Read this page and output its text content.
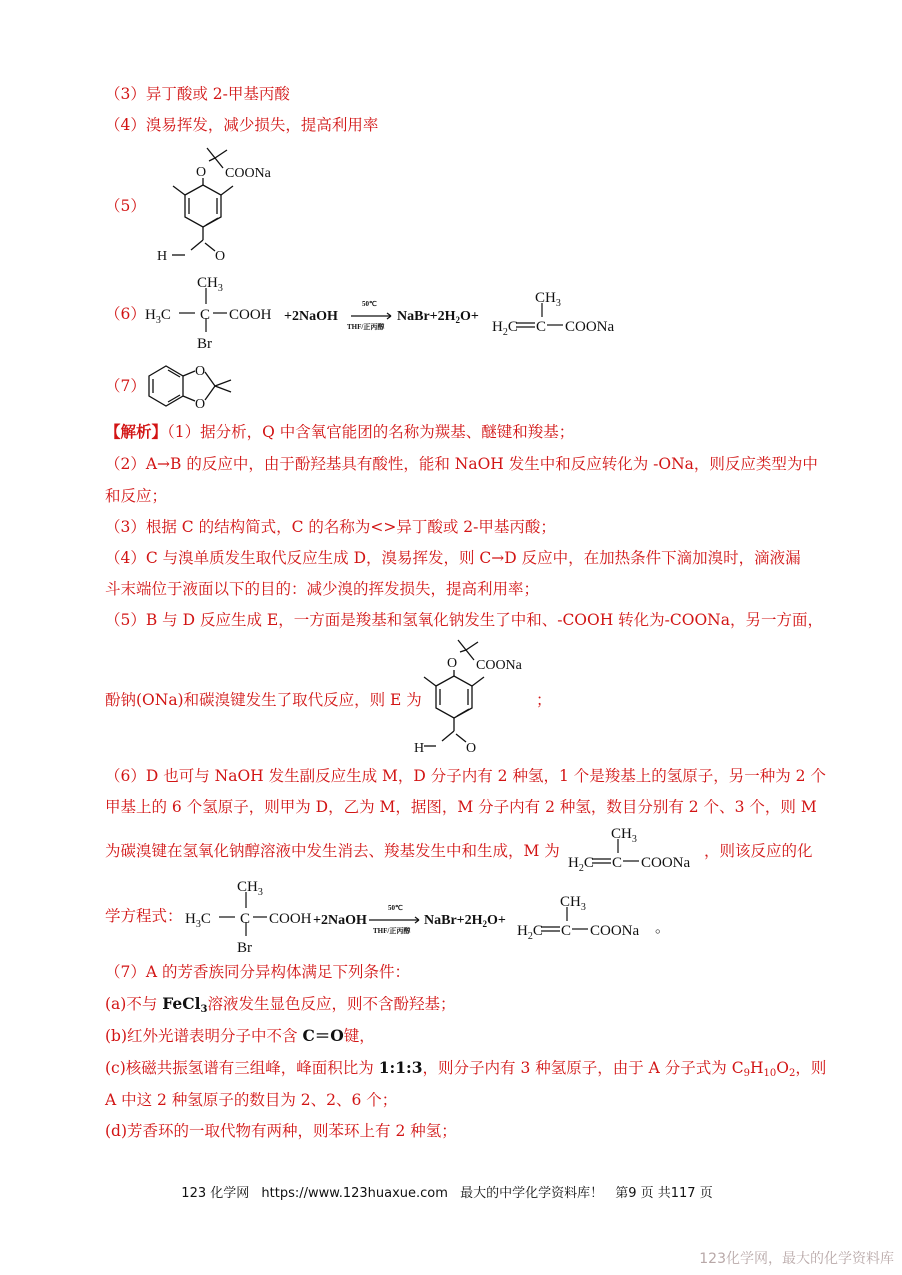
（3）异丁酸或 2-甲基丙酸
（4）溴易挥发，减少损失，提高利用率
（5）
O COONa
O
H
（6）
$CH_3$
$H_3C$ C COOH
Br
+2NaOH
50℃
THF/正丙醇
$NaBr+2H_2O+$
$CH_3$
$H_2C$ C COONa
（7）
O
O
【解析】（1）据分析，Q 中含氧官能团的名称为羰基、醚键和羧基；
（2）A→B 的反应中，由于酚羟基具有酸性，能和 NaOH 发生中和反应转化为 -ONa，则反应类型为中
和反应；
（3）根据 C 的结构简式，C 的名称为<>异丁酸或 2-甲基丙酸；
（4）C 与溴单质发生取代反应生成 D，溴易挥发，则 C→D 反应中，在加热条件下滴加溴时，滴液漏
斗末端位于液面以下的目的：减少溴的挥发损失，提高利用率；
（5）B 与 D 反应生成 E，一方面是羧基和氢氧化钠发生了中和、-COOH 转化为-COONa，另一方面，
酚钠(ONa)和碳溴键发生了取代反应，则 E 为	；
O COONa
O
H
（6）D 也可与 NaOH 发生副反应生成 M，D 分子内有 2 种氢，1 个是羧基上的氢原子，另一种为 2 个
甲基上的 6 个氢原子，则甲为 D，乙为 M，据图，M 分子内有 2 种氢，数目分别有 2 个、3 个，则 M
为碳溴键在氢氧化钠醇溶液中发生消去、羧基发生中和生成，M 为
$CH_3$
$H_2C$ C COONa
，则该反应的化
学方程式：
$CH_3$
$H_3C$ C COOH
Br
+2NaOH
50℃
THF/正丙醇
$NaBr+2H_2O+$
$CH_3$
$H_2C$ C COONa 。
（7）A 的芳香族同分异构体满足下列条件：
(a)不与 FeCl$_3$溶液发生显色反应，则不含酚羟基；
(b)红外光谱表明分子中不含 C＝O键，
(c)核磁共振氢谱有三组峰，峰面积比为 1:1:3，则分子内有 3 种氢原子，由于 A 分子式为 $C_9H_{10}O_2$，则
A 中这 2 种氢原子的数目为 2、2、6 个；
(d)芳香环的一取代物有两种，则苯环上有 2 种氢；
123 化学网 https://www.123huaxue.com 最大的中学化学资料库！ 第9 页 共117 页
123化学网，最大的化学资料库
